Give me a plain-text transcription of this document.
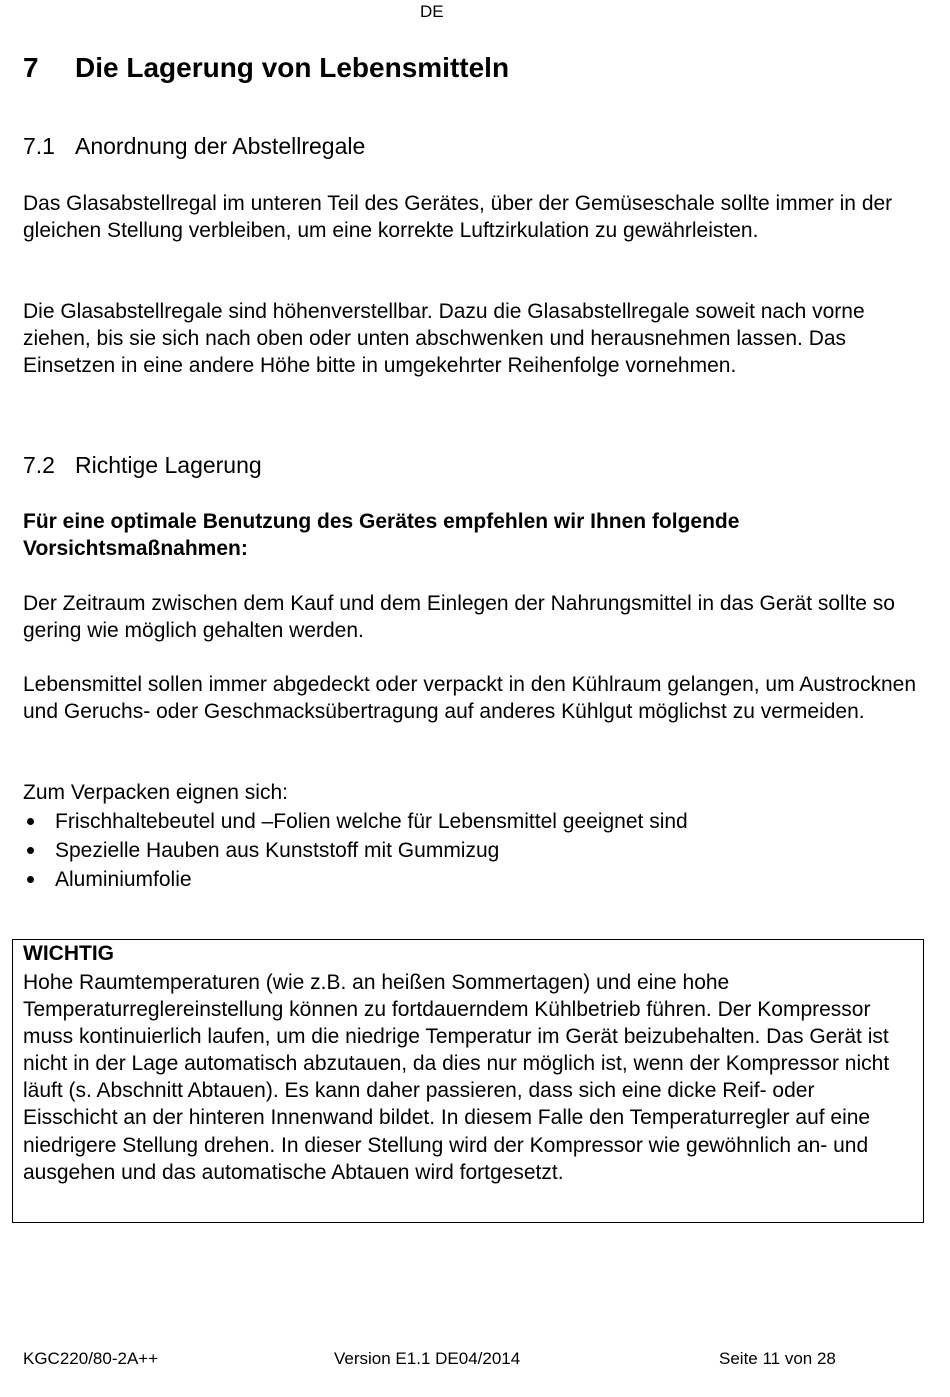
DE
7 Die Lagerung von Lebensmitteln
7.1 Anordnung der Abstellregale

Das Glasabstellregal im unteren Teil des Gerätes, über der Gemüseschale sollte immer in der gleichen Stellung verbleiben, um eine korrekte Luftzirkulation zu gewährleisten.

Die Glasabstellregale sind höhenverstellbar. Dazu die Glasabstellregale soweit nach vorne ziehen, bis sie sich nach oben oder unten abschwenken und herausnehmen lassen. Das Einsetzen in eine andere Höhe bitte in umgekehrter Reihenfolge vornehmen.

7.2 Richtige Lagerung

Für eine optimale Benutzung des Gerätes empfehlen wir Ihnen folgende Vorsichtsmaßnahmen:

Der Zeitraum zwischen dem Kauf und dem Einlegen der Nahrungsmittel in das Gerät sollte so gering wie möglich gehalten werden.

Lebensmittel sollen immer abgedeckt oder verpackt in den Kühlraum gelangen, um Austrocknen und Geruchs- oder Geschmacksübertragung auf anderes Kühlgut möglichst zu vermeiden.

Zum Verpacken eignen sich:

Frischhaltebeutel und –Folien welche für Lebensmittel geeignet sind
Spezielle Hauben aus Kunststoff mit Gummizug
Aluminiumfolie
WICHTIG

Hohe Raumtemperaturen (wie z.B. an heißen Sommertagen) und eine hohe Temperaturreglereinstellung können zu fortdauerndem Kühlbetrieb führen. Der Kompressor muss kontinuierlich laufen, um die niedrige Temperatur im Gerät beizubehalten. Das Gerät ist nicht in der Lage automatisch abzutauen, da dies nur möglich ist, wenn der Kompressor nicht läuft (s. Abschnitt Abtauen). Es kann daher passieren, dass sich eine dicke Reif- oder Eisschicht an der hinteren Innenwand bildet. In diesem Falle den Temperaturregler auf eine niedrigere Stellung drehen. In dieser Stellung wird der Kompressor wie gewöhnlich an- und ausgehen und das automatische Abtauen wird fortgesetzt.

KGC220/80-2A++	Version E1.1 DE04/2014	Seite 11 von 28
